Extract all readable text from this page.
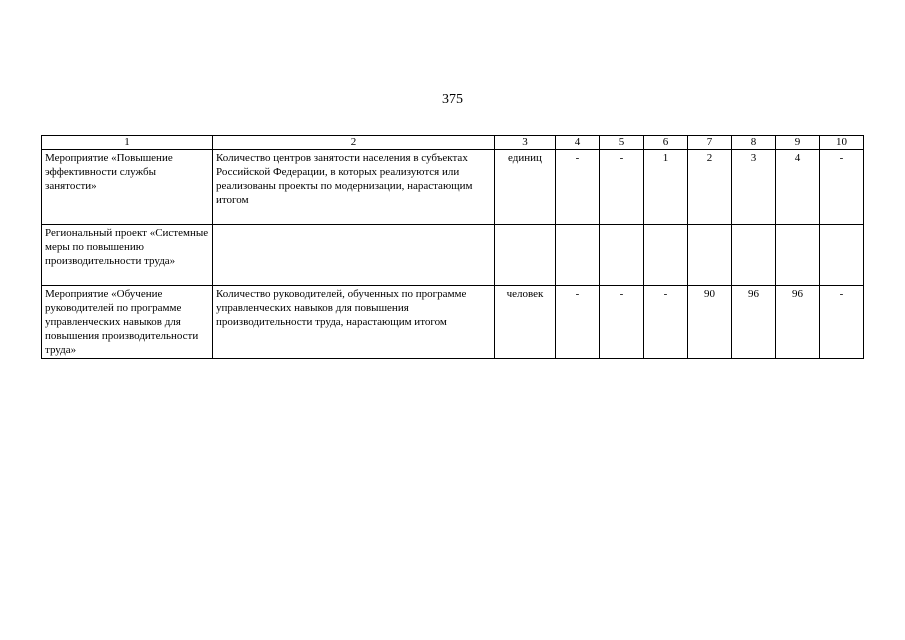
375
1	2	3	4	5	6	7	8	9	10
Мероприятие «Повышение эффективности службы занятости»	Количество центров занятости населения в субъектах Российской Федерации, в которых реализуются или реализованы проекты по модернизации, нарастающим итогом	единиц	-	-	1	2	3	4	-
Региональный проект «Системные меры по повышению производительности труда»									
Мероприятие «Обучение руководителей по программе управленческих навыков для повышения производительности труда»	Количество руководителей, обученных по программе управленческих навыков для повышения производительности труда, нарастающим итогом	человек	-	-	-	90	96	96	-
